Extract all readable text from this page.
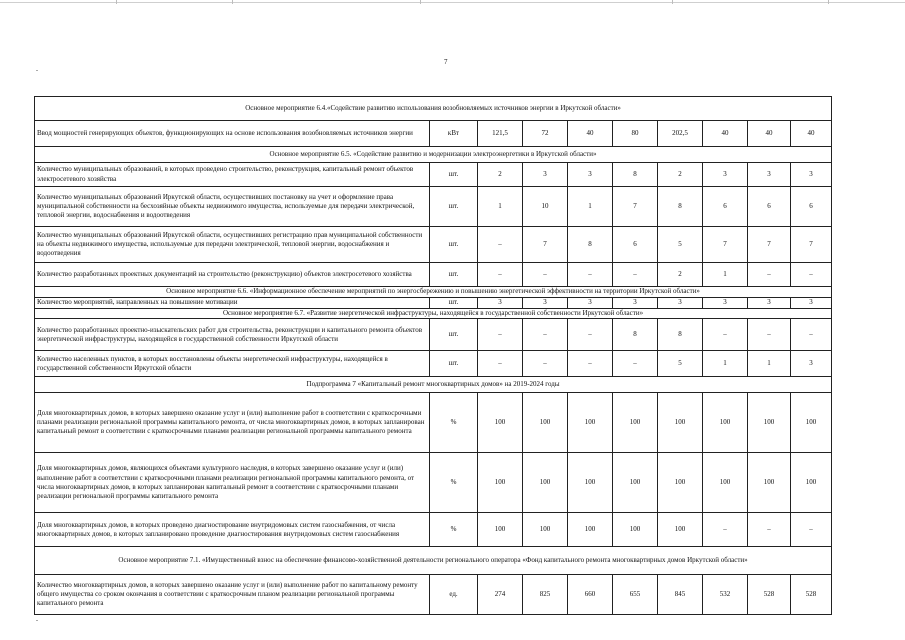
7
Основное мероприятие 6.4.«Содействие развитию использования возобновляемых источников энергии в Иркутской области»									
Ввод мощностей генерирующих объектов, функционирующих на основе использования возобновляемых источников энергии	кВт	121,5	72	40	80	202,5	40	40	40
Основное мероприятие 6.5. «Содействие развитию и модернизации электроэнергетики в Иркутской области»									
Количество муниципальных образований, в которых проведено строительство, реконструкция, капитальный ремонт объектов электросетевого хозяйства	шт.	2	3	3	8	2	3	3	3
Количество муниципальных образований Иркутской области, осуществивших постановку на учет и оформление права муниципальной собственности на бесхозяйные объекты недвижимого имущества, используемые для передачи электрической, тепловой энергии, водоснабжения и водоотведения	шт.	1	10	1	7	8	6	6	6
Количество муниципальных образований Иркутской области, осуществивших регистрацию прав муниципальной собственности на объекты недвижимого имущества, используемые для передачи электрической, тепловой энергии, водоснабжения и водоотведения	шт.	–	7	8	6	5	7	7	7
Количество разработанных проектных документаций на строительство (реконструкцию) объектов электросетевого хозяйства	шт.	–	–	–	–	2	1	–	–
Основное мероприятие 6.6. «Информационное обеспечение мероприятий по энергосбережению и повышению энергетической эффективности на территории Иркутской области»									
Количество мероприятий, направленных на повышение мотивации	шт.	3	3	3	3	3	3	3	3
Основное мероприятие 6.7. «Развитие энергетической инфраструктуры, находящейся в государственной собственности Иркутской области»									
Количество разработанных проектно-изыскательских работ для строительства, реконструкции и капитального ремонта объектов энергетической инфраструктуры, находящейся в государственной собственности Иркутской области	шт.	–	–	–	8	8	–	–	–
Количество населенных пунктов, в которых восстановлены объекты энергетической инфраструктуры, находящейся в государственной собственности Иркутской области	шт.	–	–	–	–	5	1	1	3
Подпрограмма 7 «Капитальный ремонт многоквартирных домов» на 2019-2024 годы									
Доля многоквартирных домов, в которых завершено оказание услуг и (или) выполнение работ в соответствии с краткосрочными планами реализации региональной программы капитального ремонта, от числа многоквартирных домов, в которых запланирован капитальный ремонт в соответствии с краткосрочными планами реализации региональной программы капитального ремонта	%	100	100	100	100	100	100	100	100
Доля многоквартирных домов, являющихся объектами культурного наследия, в которых завершено оказание услуг и (или) выполнение работ в соответствии с краткосрочными планами реализации региональной программы капитального ремонта, от числа многоквартирных домов, в которых запланирован капитальный ремонт в соответствии с краткосрочными планами реализации региональной программы капитального ремонта	%	100	100	100	100	100	100	100	100
Доля многоквартирных домов, в которых проведено диагностирование внутридомовых систем газоснабжения, от числа многоквартирных домов, в которых запланировано проведение диагностирования внутридомовых систем газоснабжения	%	100	100	100	100	100	–	–	–
Основное мероприятие 7.1. «Имущественный взнос на обеспечение финансово-хозяйственной деятельности регионального оператора «Фонд капитального ремонта многоквартирных домов Иркутской области»									
Количество многоквартирных домов, в которых завершено оказание услуг и (или) выполнение работ по капитальному ремонту общего имущества со сроком окончания в соответствии с краткосрочным планом реализации региональной программы капитального ремонта	ед.	274	825	660	655	845	532	528	528
